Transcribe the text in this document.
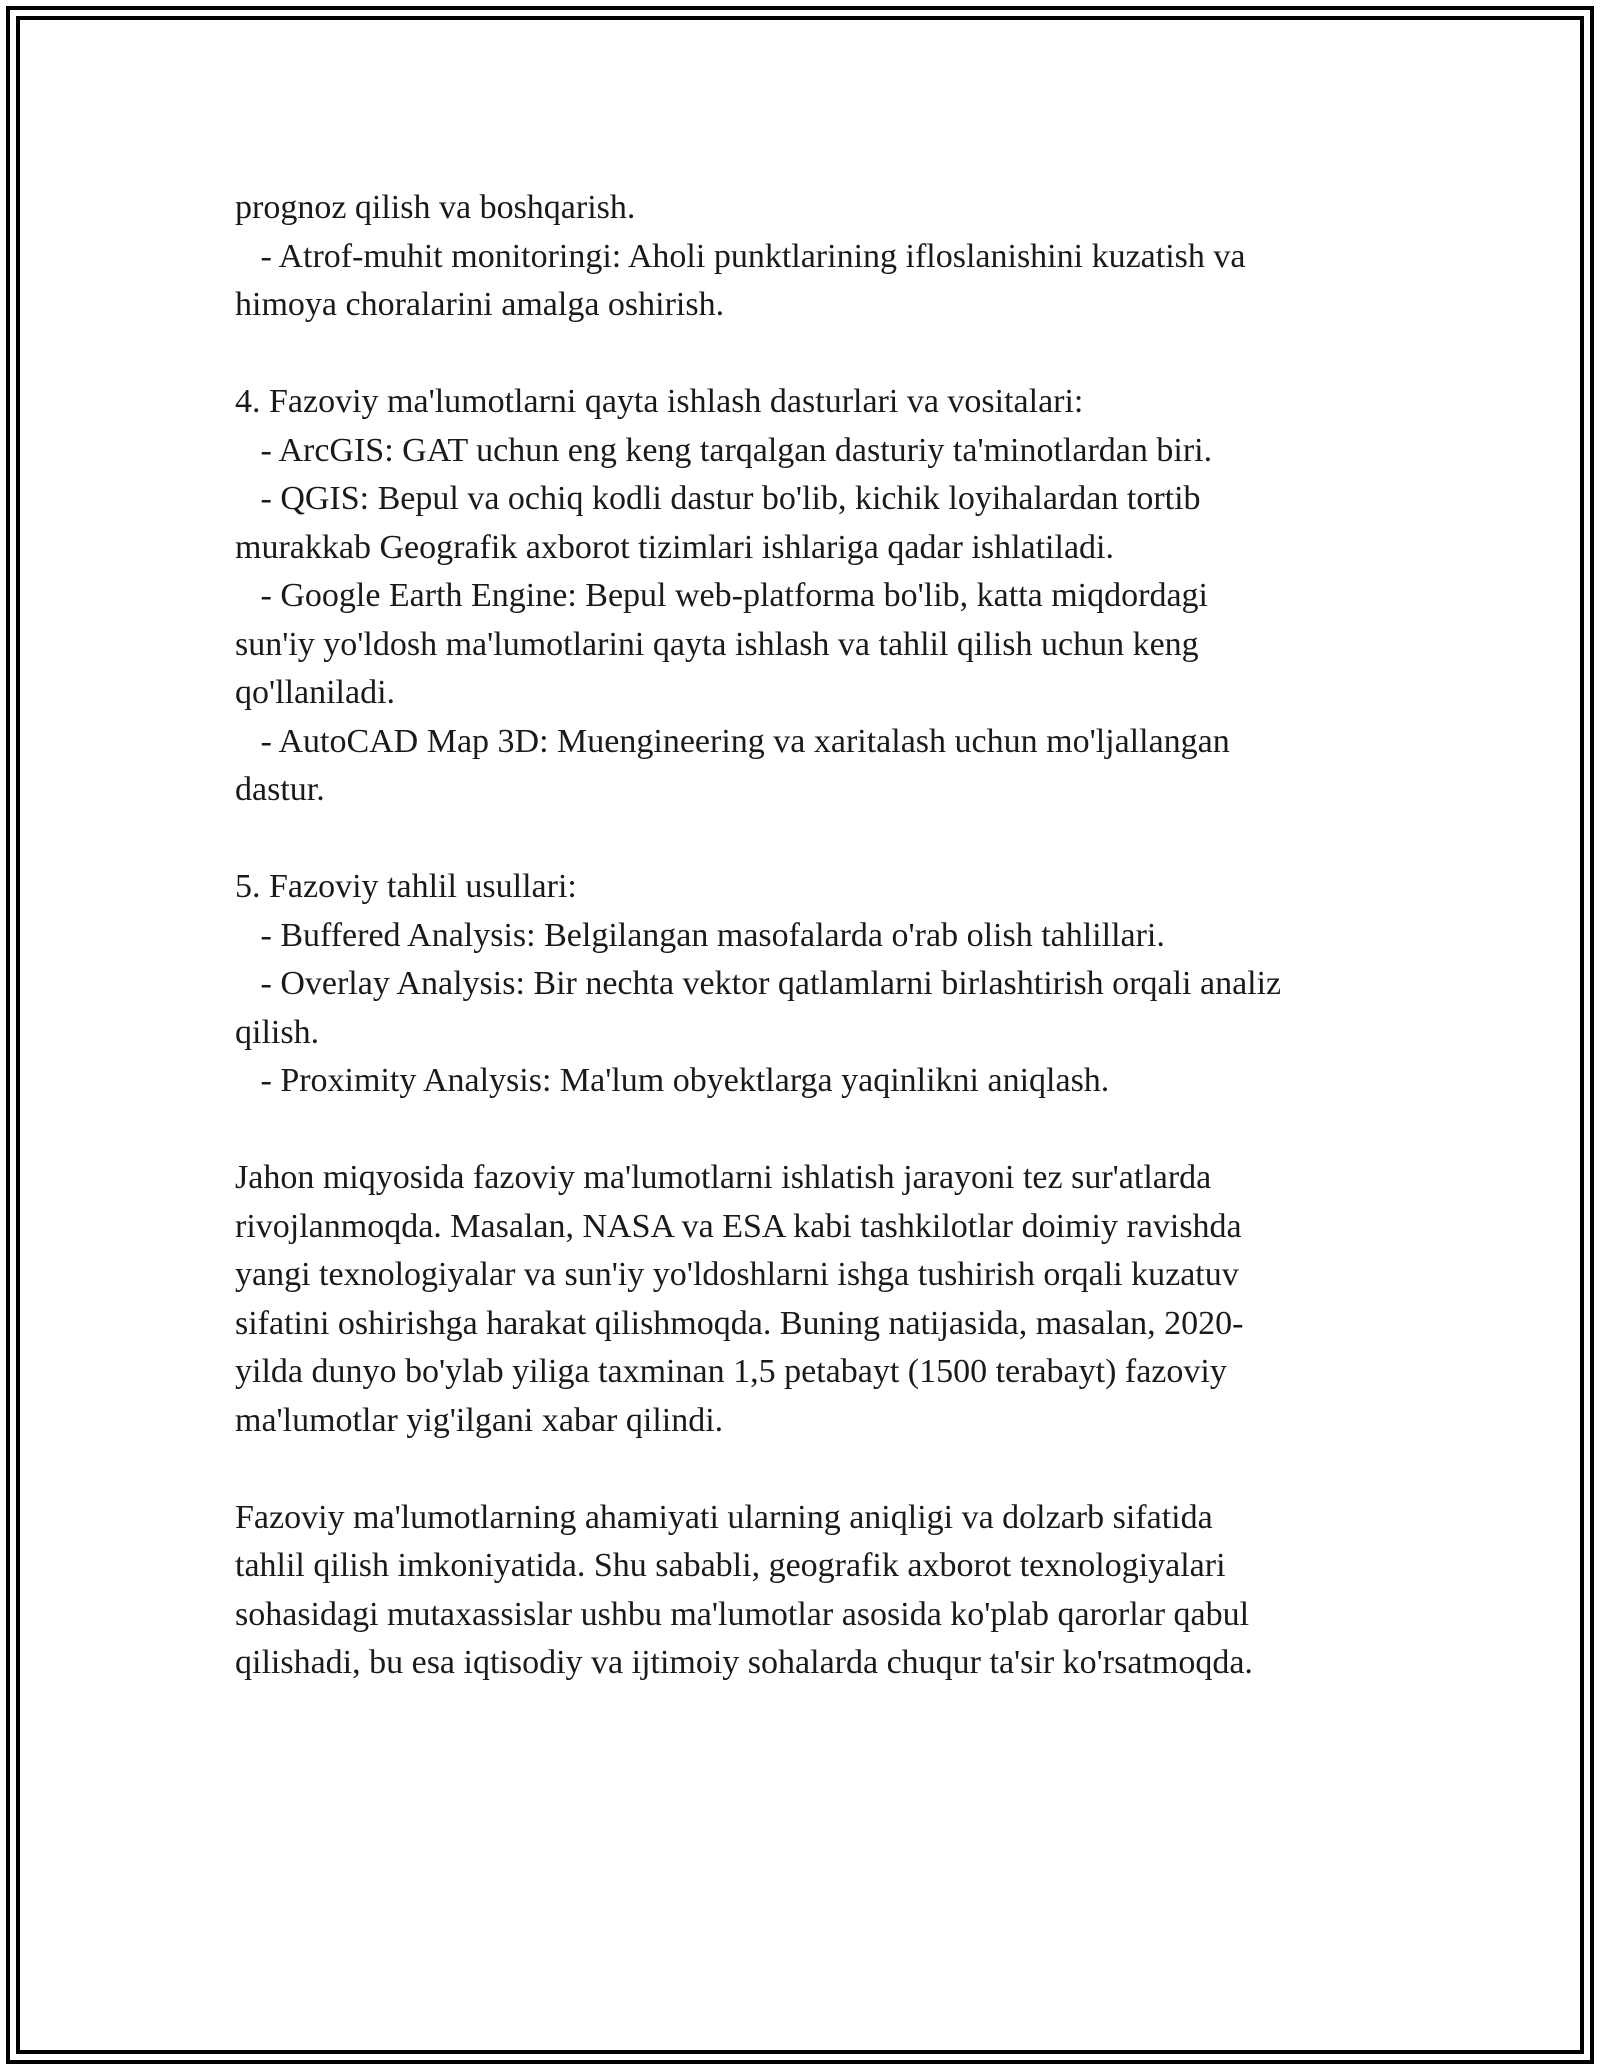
prognoz qilish va boshqarish.
- Atrof-muhit monitoringi: Aholi punktlarining ifloslanishini kuzatish va
himoya choralarini amalga oshirish.
4. Fazoviy ma'lumotlarni qayta ishlash dasturlari va vositalari:
- ArcGIS: GAT uchun eng keng tarqalgan dasturiy ta'minotlardan biri.
- QGIS: Bepul va ochiq kodli dastur bo'lib, kichik loyihalardan tortib
murakkab Geografik axborot tizimlari ishlariga qadar ishlatiladi.
- Google Earth Engine: Bepul web-platforma bo'lib, katta miqdordagi
sun'iy yo'ldosh ma'lumotlarini qayta ishlash va tahlil qilish uchun keng
qo'llaniladi.
- AutoCAD Map 3D: Muengineering va xaritalash uchun mo'ljallangan
dastur.
5. Fazoviy tahlil usullari:
- Buffered Analysis: Belgilangan masofalarda o'rab olish tahlillari.
- Overlay Analysis: Bir nechta vektor qatlamlarni birlashtirish orqali analiz
qilish.
- Proximity Analysis: Ma'lum obyektlarga yaqinlikni aniqlash.
Jahon miqyosida fazoviy ma'lumotlarni ishlatish jarayoni tez sur'atlarda
rivojlanmoqda. Masalan, NASA va ESA kabi tashkilotlar doimiy ravishda
yangi texnologiyalar va sun'iy yo'ldoshlarni ishga tushirish orqali kuzatuv
sifatini oshirishga harakat qilishmoqda. Buning natijasida, masalan, 2020-
yilda dunyo bo'ylab yiliga taxminan 1,5 petabayt (1500 terabayt) fazoviy
ma'lumotlar yig'ilgani xabar qilindi.
Fazoviy ma'lumotlarning ahamiyati ularning aniqligi va dolzarb sifatida
tahlil qilish imkoniyatida. Shu sababli, geografik axborot texnologiyalari
sohasidagi mutaxassislar ushbu ma'lumotlar asosida ko'plab qarorlar qabul
qilishadi, bu esa iqtisodiy va ijtimoiy sohalarda chuqur ta'sir ko'rsatmoqda.
